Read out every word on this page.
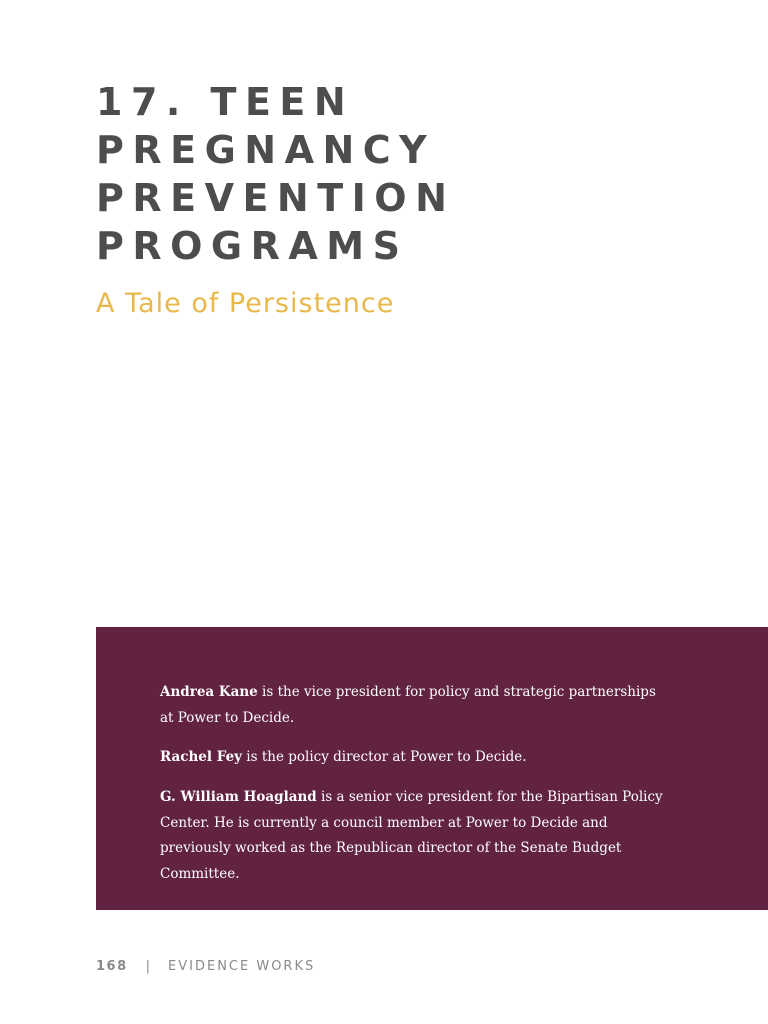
17. TEEN
PREGNANCY
PREVENTION
PROGRAMS
A Tale of Persistence

Andrea Kane is the vice president for policy and strategic partnerships at Power to Decide.

Rachel Fey is the policy director at Power to Decide.

G. William Hoagland is a senior vice president for the Bipartisan Policy Center. He is currently a council member at Power to Decide and previously worked as the Republican director of the Senate Budget Committee.

168 | EVIDENCE WORKS
